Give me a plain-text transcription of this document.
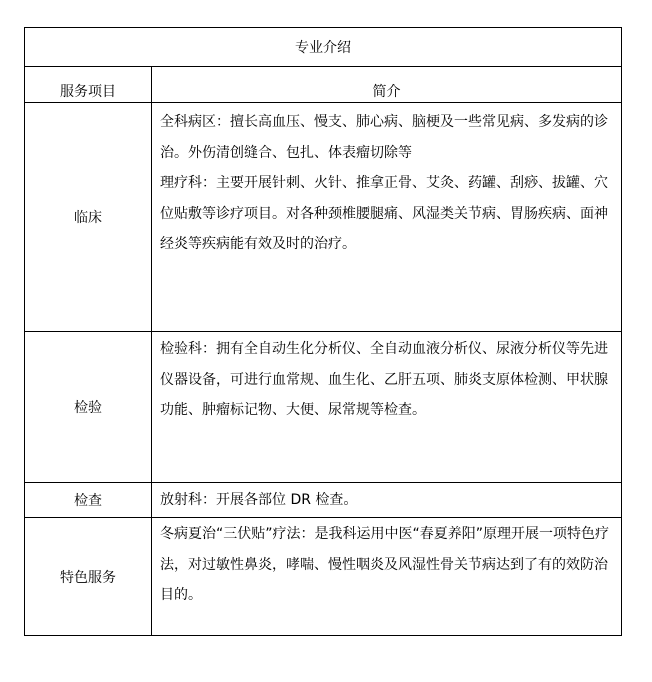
专业介绍	
服务项目	简介
临床	全科病区：擅长高血压、慢支、肺心病、脑梗及一些常见病、多发病的诊治。外伤清创缝合、包扎、体表瘤切除等

理疗科：主要开展针刺、火针、推拿正骨、艾灸、药罐、刮痧、拔罐、穴位贴敷等诊疗项目。对各种颈椎腰腿痛、风湿类关节病、胃肠疾病、面神经炎等疾病能有效及时的治疗。

检验	检验科：拥有全自动生化分析仪、全自动血液分析仪、尿液分析仪等先进仪器设备，可进行血常规、血生化、乙肝五项、肺炎支原体检测、甲状腺功能、肿瘤标记物、大便、尿常规等检查。

检查	放射科：开展各部位 DR 检查。

特色服务	冬病夏治“三伏贴”疗法：是我科运用中医“春夏养阳”原理开展一项特色疗法，对过敏性鼻炎，哮喘、慢性咽炎及风湿性骨关节病达到了有的效防治目的。
